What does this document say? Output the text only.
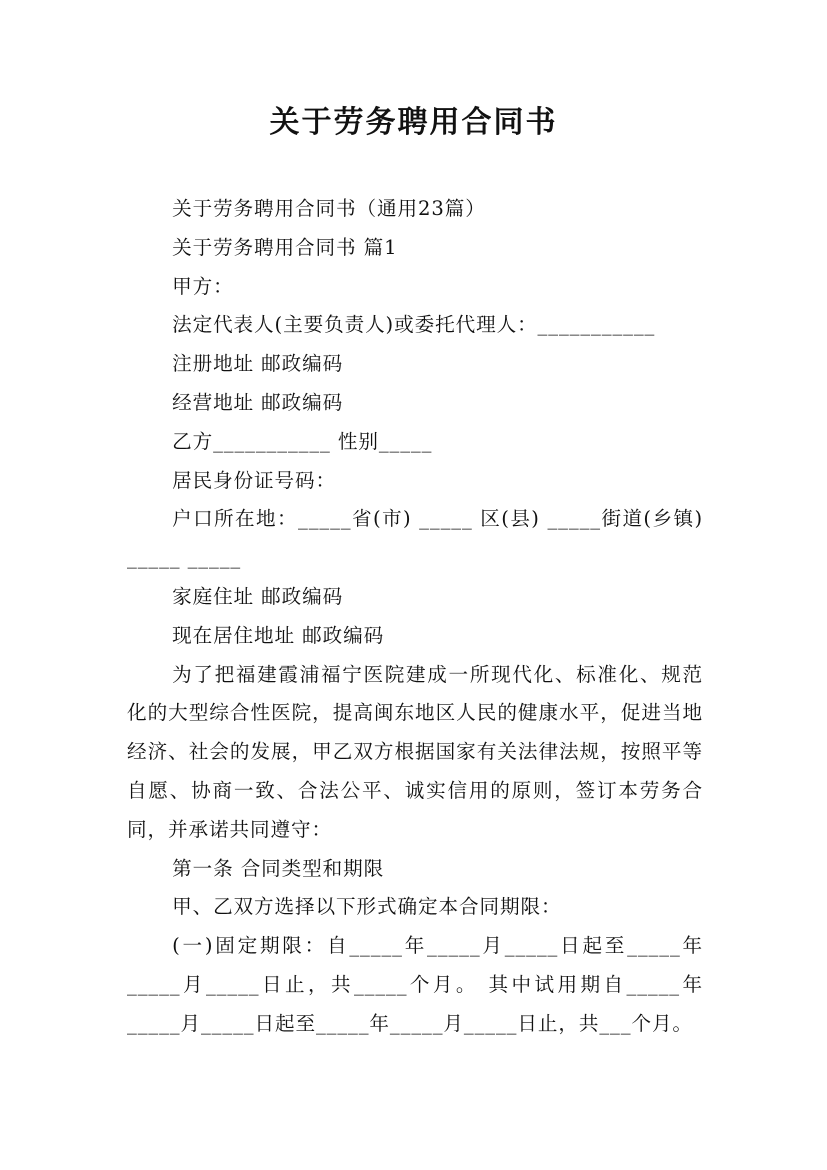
关于劳务聘用合同书

关于劳务聘用合同书（通用23篇）

关于劳务聘用合同书 篇1

甲方：

法定代表人(主要负责人)或委托代理人：___________

注册地址 邮政编码

经营地址 邮政编码

乙方___________ 性别_____

居民身份证号码：

户口所在地：_____省(市) _____ 区(县) _____街道(乡镇) _____ _____

家庭住址 邮政编码

现在居住地址 邮政编码

为了把福建霞浦福宁医院建成一所现代化、标准化、规范化的大型综合性医院，提高闽东地区人民的健康水平，促进当地经济、社会的发展，甲乙双方根据国家有关法律法规，按照平等自愿、协商一致、合法公平、诚实信用的原则，签订本劳务合同，并承诺共同遵守：

第一条 合同类型和期限

甲、乙双方选择以下形式确定本合同期限：

(一)固定期限：自_____年_____月_____日起至_____年_____月_____日止，共_____个月。 其中试用期自_____年_____月_____日起至_____年_____月_____日止，共___个月。
